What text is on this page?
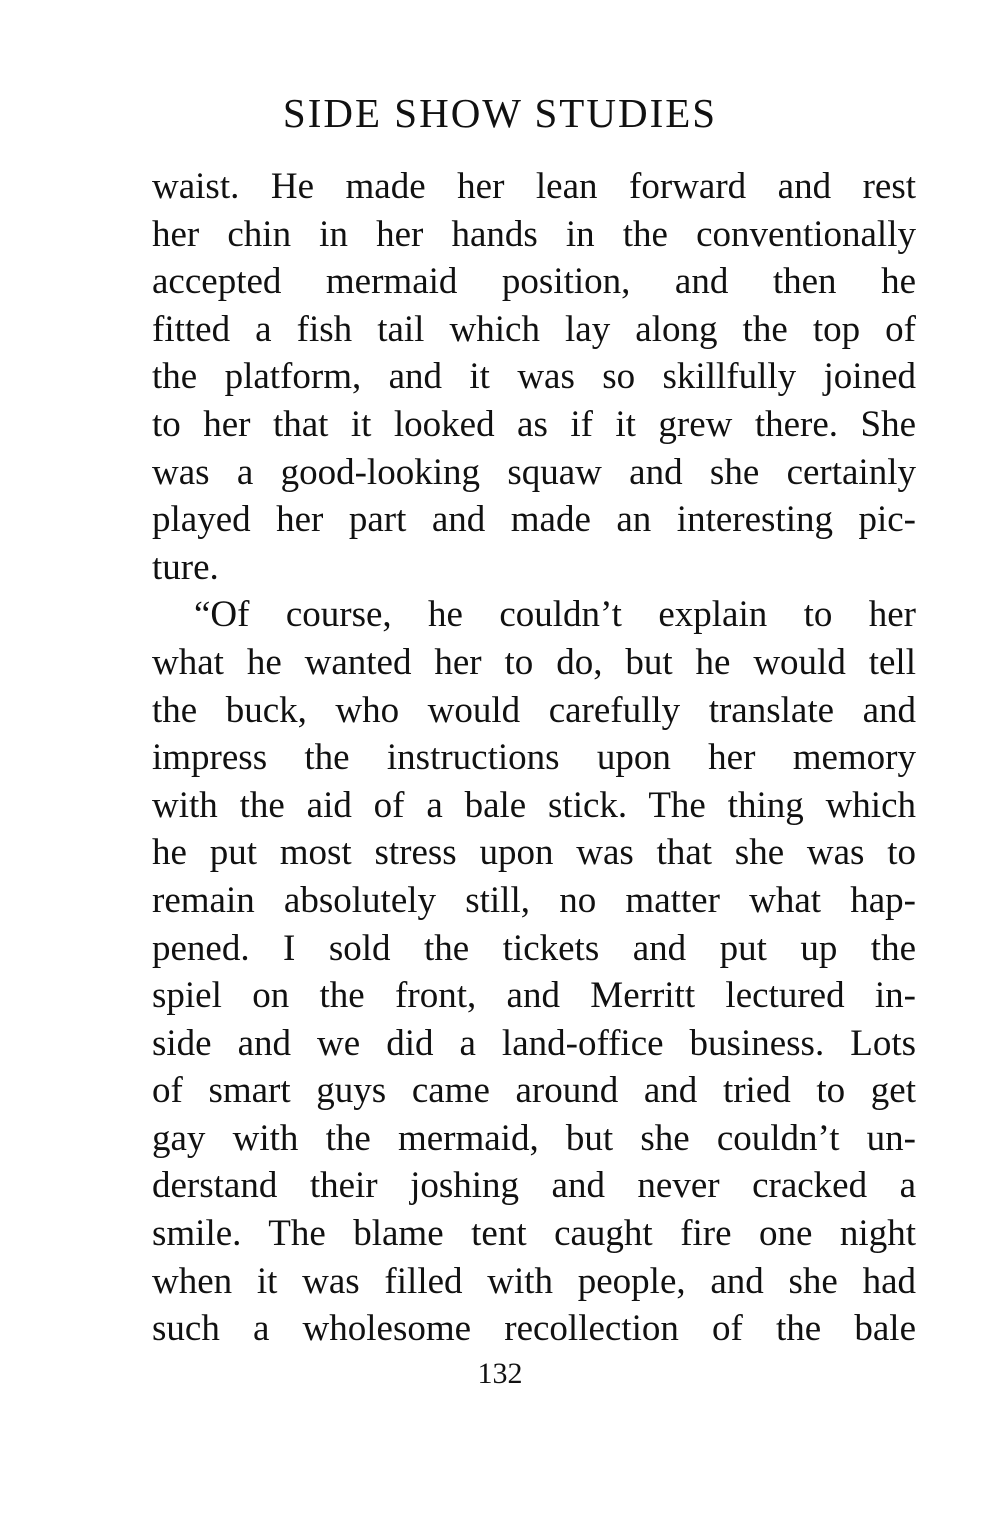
SIDE SHOW STUDIES
waist. He made her lean forward and rest
her chin in her hands in the conventionally
accepted mermaid position, and then he
fitted a fish tail which lay along the top of
the platform, and it was so skillfully joined
to her that it looked as if it grew there. She
was a good-looking squaw and she certainly
played her part and made an interesting pic-
ture.
“Of course, he couldn’t explain to her
what he wanted her to do, but he would tell
the buck, who would carefully translate and
impress the instructions upon her memory
with the aid of a bale stick. The thing which
he put most stress upon was that she was to
remain absolutely still, no matter what hap-
pened. I sold the tickets and put up the
spiel on the front, and Merritt lectured in-
side and we did a land-office business. Lots
of smart guys came around and tried to get
gay with the mermaid, but she couldn’t un-
derstand their joshing and never cracked a
smile. The blame tent caught fire one night
when it was filled with people, and she had
such a wholesome recollection of the bale
132
